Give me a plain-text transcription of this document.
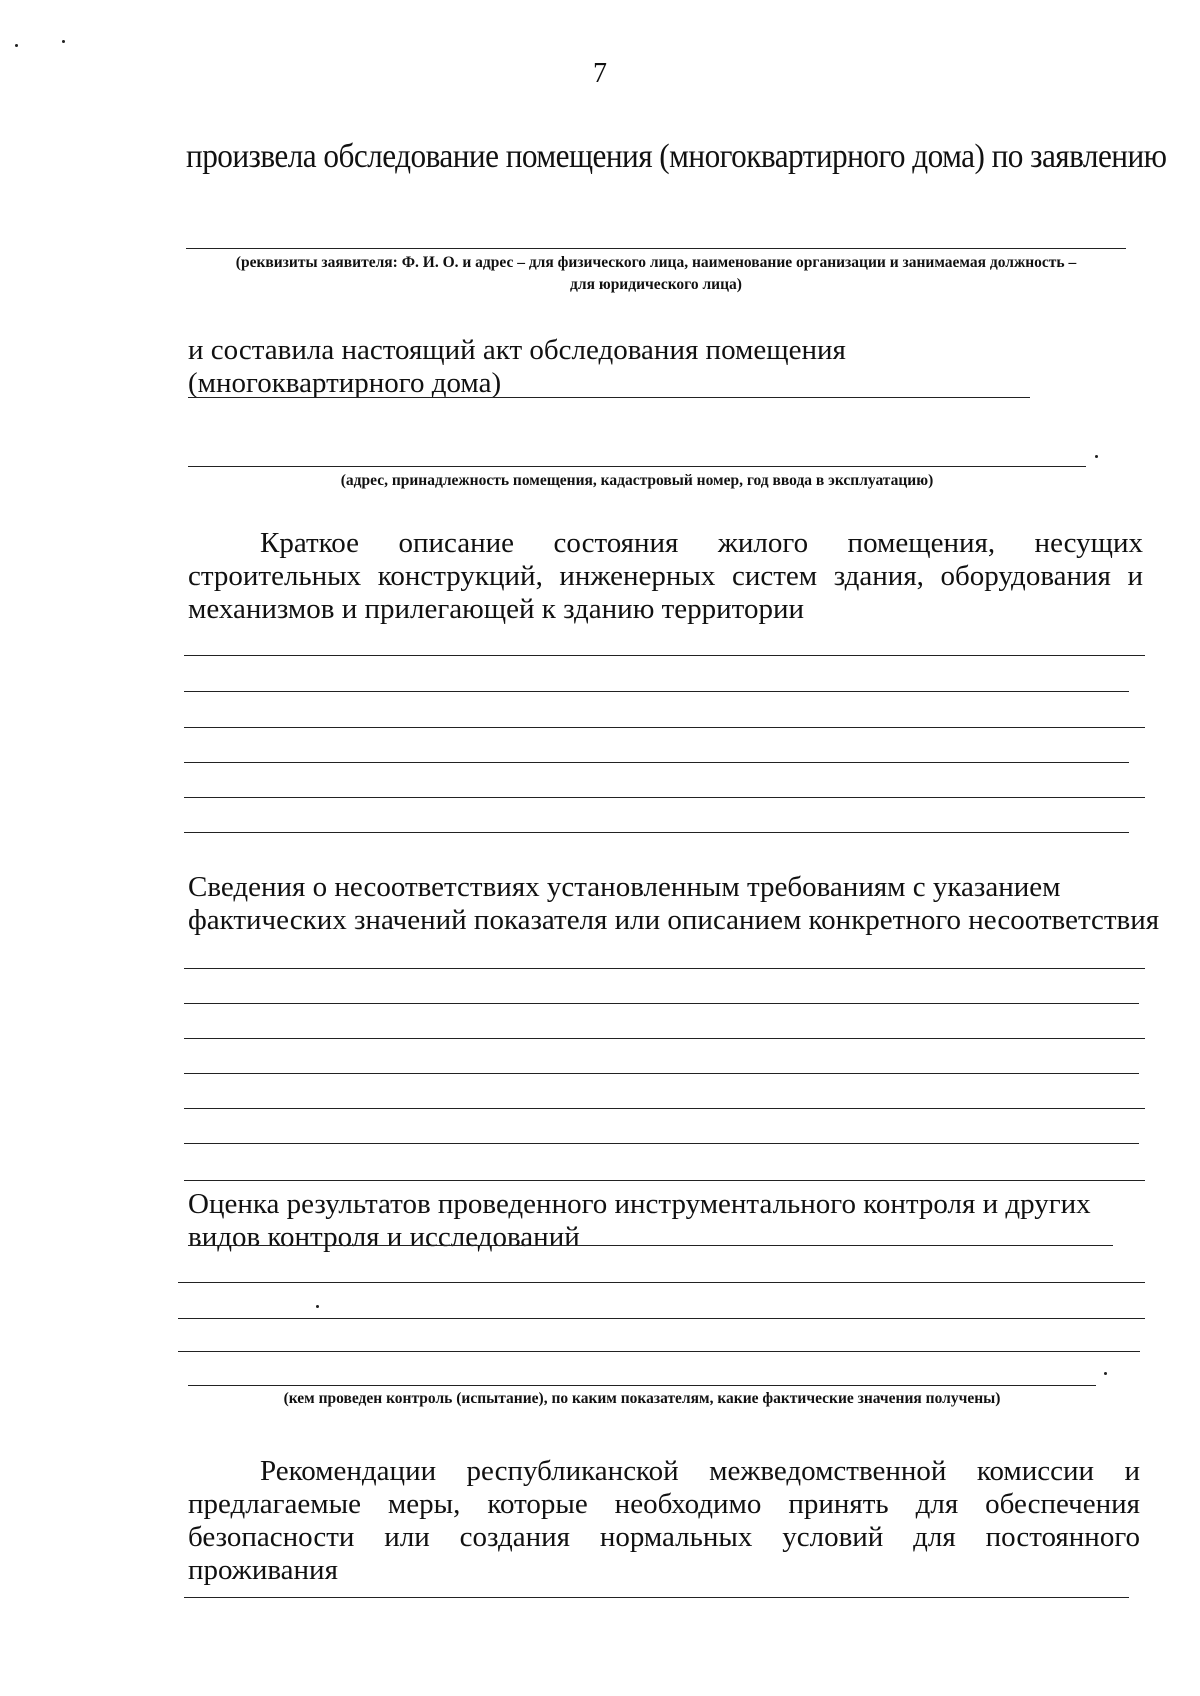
7
произвела обследование помещения (многоквартирного дома) по заявлению
(реквизиты заявителя: Ф. И. О. и адрес – для физического лица, наименование организации и занимаемая должность –
для юридического лица)
и составила настоящий акт обследования помещения
(многоквартирного дома)
(адрес, принадлежность помещения, кадастровый номер, год ввода в эксплуатацию)
Краткое описание состояния жилого помещения, несущих
строительных конструкций, инженерных систем здания, оборудования и
механизмов и прилегающей к зданию территории
Сведения о несоответствиях установленным требованиям с указанием
фактических значений показателя или описанием конкретного несоответствия
Оценка результатов проведенного инструментального контроля и других
видов контроля и исследований
(кем проведен контроль (испытание), по каким показателям, какие фактические значения получены)
Рекомендации республиканской межведомственной комиссии и
предлагаемые меры, которые необходимо принять для обеспечения
безопасности или создания нормальных условий для постоянного
проживания
